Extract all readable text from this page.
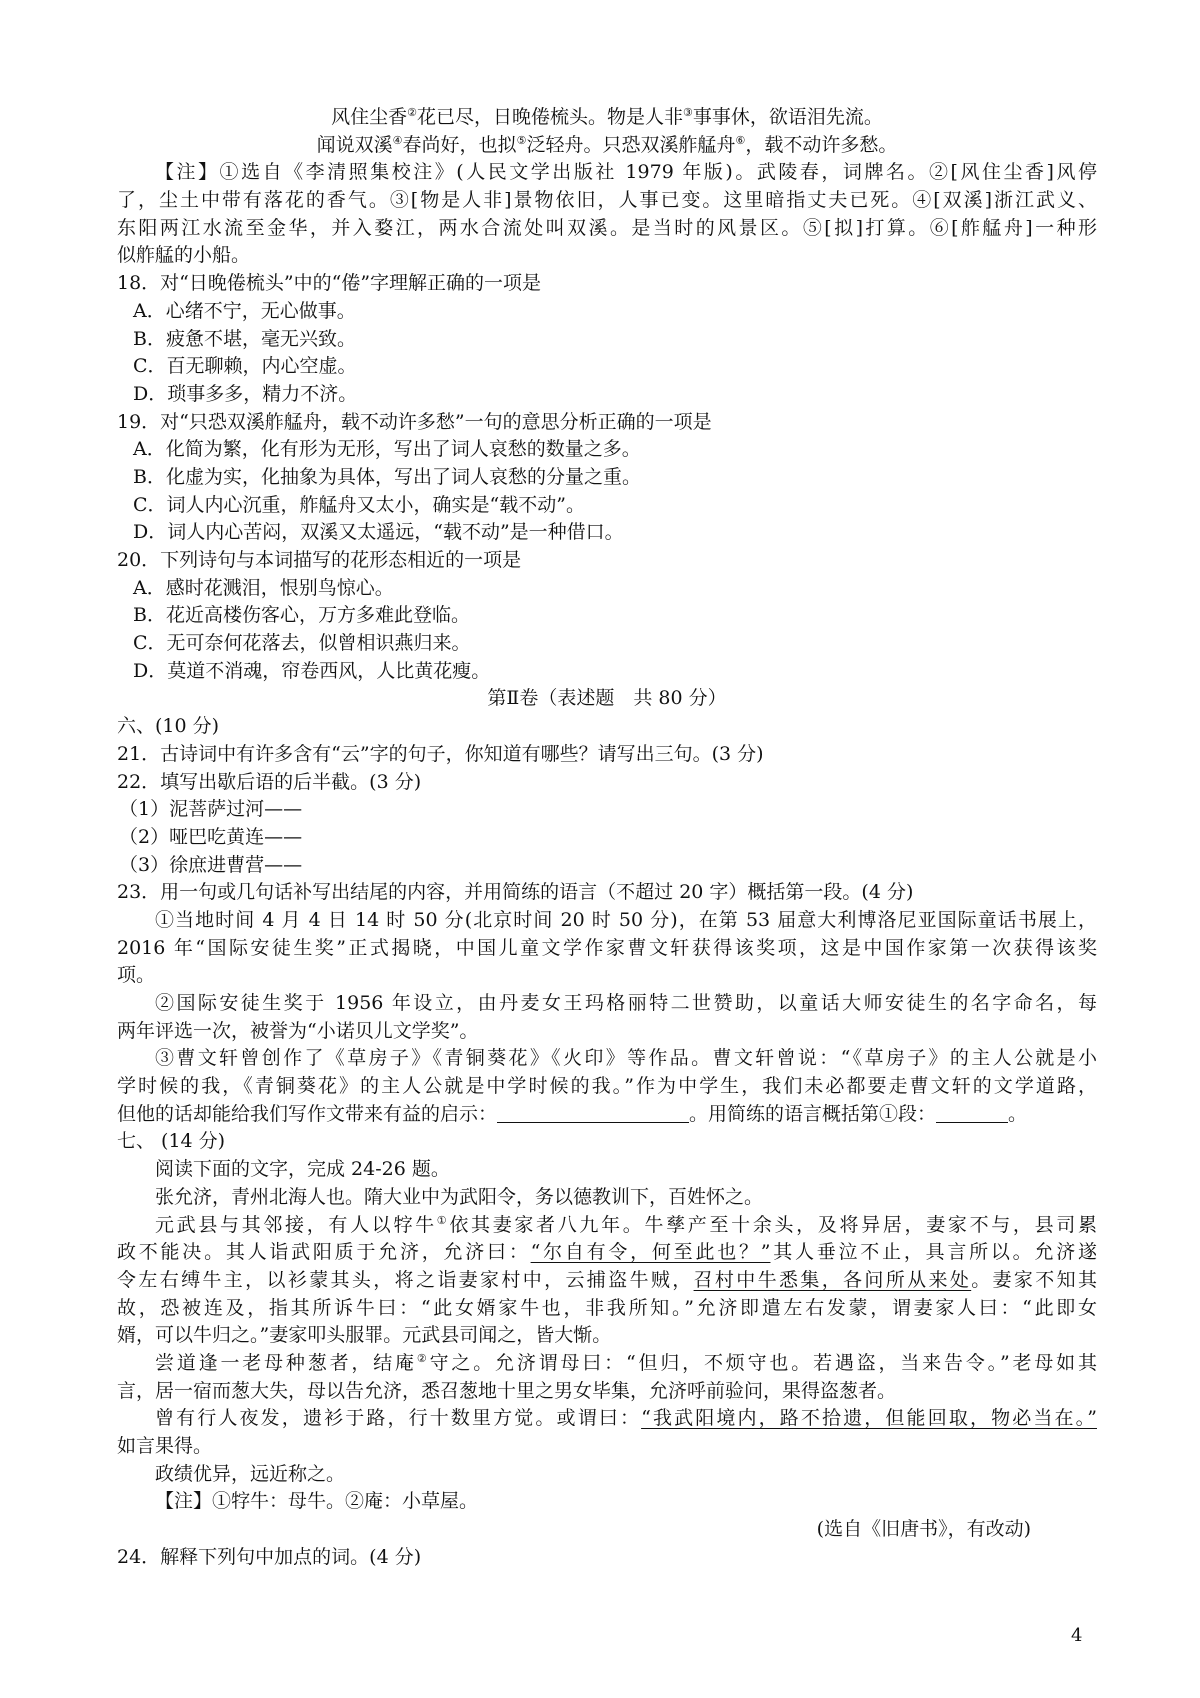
风住尘香②花已尽，日晚倦梳头。物是人非③事事休，欲语泪先流。
闻说双溪④春尚好，也拟⑤泛轻舟。只恐双溪舴艋舟⑥，载不动许多愁。
【注】①选自《李清照集校注》(人民文学出版社 1979 年版)。武陵春，词牌名。②[风住尘香]风停
了，尘土中带有落花的香气。③[物是人非]景物依旧，人事已变。这里暗指丈夫已死。④[双溪]浙江武义、
东阳两江水流至金华，并入婺江，两水合流处叫双溪。是当时的风景区。⑤[拟]打算。⑥[舴艋舟]一种形
似舴艋的小船。
18．对“日晚倦梳头”中的“倦”字理解正确的一项是
A．心绪不宁，无心做事。
B．疲惫不堪，毫无兴致。
C．百无聊赖，内心空虚。
D．琐事多多，精力不济。
19．对“只恐双溪舴艋舟，载不动许多愁”一句的意思分析正确的一项是
A．化简为繁，化有形为无形，写出了词人哀愁的数量之多。
B．化虚为实，化抽象为具体，写出了词人哀愁的分量之重。
C．词人内心沉重，舴艋舟又太小，确实是“载不动”。
D．词人内心苦闷，双溪又太遥远，“载不动”是一种借口。
20．下列诗句与本词描写的花形态相近的一项是
A．感时花溅泪，恨别鸟惊心。
B．花近高楼伤客心，万方多难此登临。
C．无可奈何花落去，似曾相识燕归来。
D．莫道不消魂，帘卷西风，人比黄花瘦。
第Ⅱ卷（表述题　共 80 分）
六、(10 分)
21．古诗词中有许多含有“云”字的句子，你知道有哪些？请写出三句。(3 分)
22．填写出歇后语的后半截。(3 分)
（1）泥菩萨过河——
（2）哑巴吃黄连——
（3）徐庶进曹营——
23．用一句或几句话补写出结尾的内容，并用简练的语言（不超过 20 字）概括第一段。(4 分)
①当地时间 4 月 4 日 14 时 50 分(北京时间 20 时 50 分)，在第 53 届意大利博洛尼亚国际童话书展上，
2016 年“国际安徒生奖”正式揭晓，中国儿童文学作家曹文轩获得该奖项，这是中国作家第一次获得该奖
项。
②国际安徒生奖于 1956 年设立，由丹麦女王玛格丽特二世赞助，以童话大师安徒生的名字命名，每
两年评选一次，被誉为“小诺贝儿文学奖”。
③曹文轩曾创作了《草房子》《青铜葵花》《火印》等作品。曹文轩曾说：“《草房子》的主人公就是小
学时候的我，《青铜葵花》的主人公就是中学时候的我。”作为中学生，我们未必都要走曹文轩的文学道路，
但他的话却能给我们写作文带来有益的启示：	。用简练的语言概括第①段：	。
七、 (14 分)
阅读下面的文字，完成 24-26 题。
张允济，青州北海人也。隋大业中为武阳令，务以德教训下，百姓怀之。
元武县与其邻接，有人以牸牛①依其妻家者八九年。牛孳产至十余头，及将异居，妻家不与，县司累
政不能决。其人诣武阳质于允济，允济曰：“尔自有令，何至此也？”其人垂泣不止，具言所以。允济遂
令左右缚牛主，以衫蒙其头，将之诣妻家村中，云捕盗牛贼，召村中牛悉集，各问所从来处。妻家不知其
故，恐被连及，指其所诉牛曰：“此女婿家牛也，非我所知。”允济即遣左右发蒙，谓妻家人曰：“此即女
婿，可以牛归之。”妻家叩头服罪。元武县司闻之，皆大惭。
尝道逢一老母种葱者，结庵②守之。允济谓母曰：“但归，不烦守也。若遇盗，当来告令。”老母如其
言，居一宿而葱大失，母以告允济，悉召葱地十里之男女毕集，允济呼前验问，果得盗葱者。
曾有行人夜发，遗衫于路，行十数里方觉。或谓曰：“我武阳境内，路不拾遗，但能回取，物必当在。”
如言果得。
政绩优异，远近称之。
【注】①牸牛：母牛。②庵：小草屋。
(选自《旧唐书》，有改动)
24．解释下列句中加点的词。(4 分)
4
